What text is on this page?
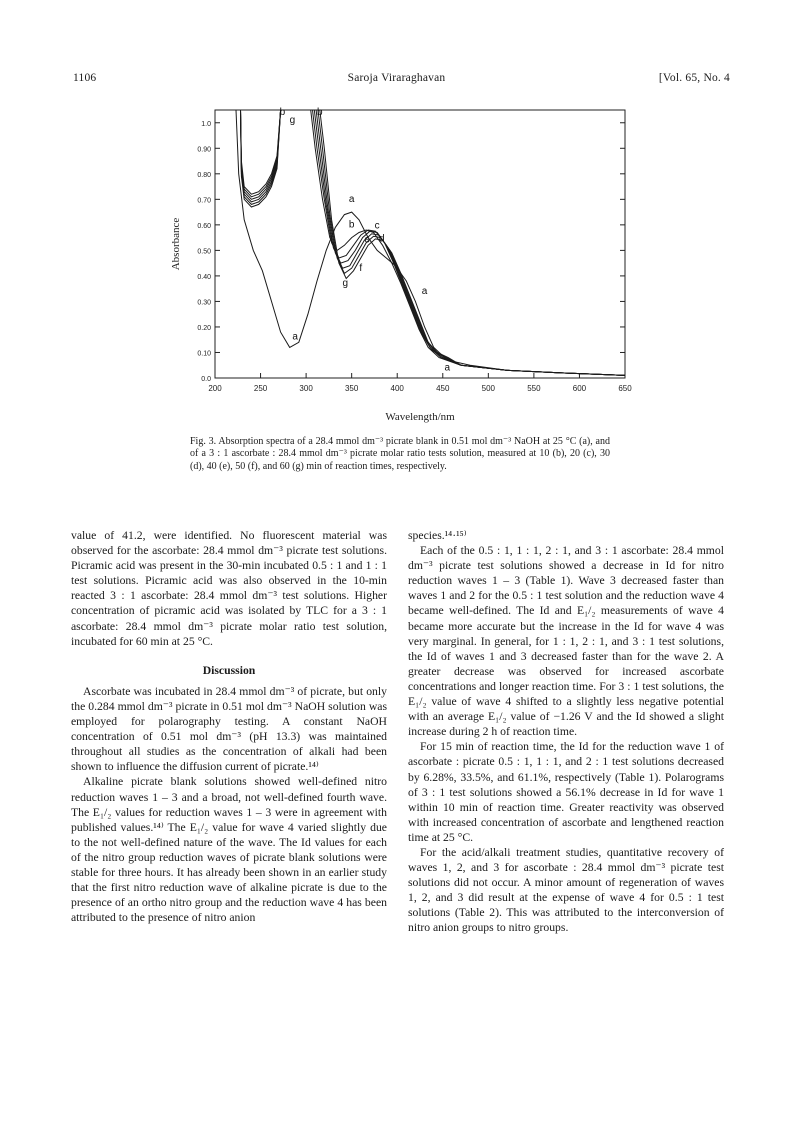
1106	Saroja Viraraghavan	[Vol. 65, No. 4
200	250	300	350	400	450	500	550	600	650
0.0
0.10
0.20
0.30
0.40
0.50
0.60
0.70
0.80
0.90
1.0
Wavelength/nm
Absorbance
b
g
b
a
b c
e d
f
g
a
a
a
Fig. 3. Absorption spectra of a 28.4 mmol dm⁻³ picrate blank in 0.51 mol dm⁻³ NaOH at 25 °C (a), and of a 3 : 1 ascorbate : 28.4 mmol dm⁻³ picrate molar ratio tests solution, measured at 10 (b), 20 (c), 30 (d), 40 (e), 50 (f), and 60 (g) min of reaction times, respectively.

value of 41.2, were identified. No fluorescent material was observed for the ascorbate: 28.4 mmol dm⁻³ picrate test solutions. Picramic acid was present in the 30-min incubated 0.5 : 1 and 1 : 1 test solutions. Picramic acid was also observed in the 10-min reacted 3 : 1 ascorbate: 28.4 mmol dm⁻³ test solutions. Higher concentration of picramic acid was isolated by TLC for a 3 : 1 ascorbate: 28.4 mmol dm⁻³ picrate molar ratio test solution, incubated for 60 min at 25 °C.

Discussion

Ascorbate was incubated in 28.4 mmol dm⁻³ of picrate, but only the 0.284 mmol dm⁻³ picrate in 0.51 mol dm⁻³ NaOH solution was employed for polarography testing. A constant NaOH concentration of 0.51 mol dm⁻³ (pH 13.3) was maintained throughout all studies as the concentration of alkali had been shown to influence the diffusion current of picrate.¹⁴⁾

Alkaline picrate blank solutions showed well-defined nitro reduction waves 1 – 3 and a broad, not well-defined fourth wave. The E₁/₂ values for reduction waves 1 – 3 were in agreement with published values.¹⁴⁾ The E₁/₂ value for wave 4 varied slightly due to the not well-defined nature of the wave. The Id values for each of the nitro group reduction waves of picrate blank solutions were stable for three hours. It has already been shown in an earlier study that the first nitro reduction wave of alkaline picrate is due to the presence of an ortho nitro group and the reduction wave 4 has been attributed to the presence of nitro anion

species.¹⁴·¹⁵⁾

Each of the 0.5 : 1, 1 : 1, 2 : 1, and 3 : 1 ascorbate: 28.4 mmol dm⁻³ picrate test solutions showed a decrease in Id for nitro reduction waves 1 – 3 (Table 1). Wave 3 decreased faster than waves 1 and 2 for the 0.5 : 1 test solution and the reduction wave 4 became well-defined. The Id and E₁/₂ measurements of wave 4 became more accurate but the increase in the Id for wave 4 was very marginal. In general, for 1 : 1, 2 : 1, and 3 : 1 test solutions, the Id of waves 1 and 3 decreased faster than for the wave 2. A greater decrease was observed for increased ascorbate concentrations and longer reaction time. For 3 : 1 test solutions, the E₁/₂ value of wave 4 shifted to a slightly less negative potential with an average E₁/₂ value of −1.26 V and the Id showed a slight increase during 2 h of reaction time.

For 15 min of reaction time, the Id for the reduction wave 1 of ascorbate : picrate 0.5 : 1, 1 : 1, and 2 : 1 test solutions decreased by 6.28%, 33.5%, and 61.1%, respectively (Table 1). Polarograms of 3 : 1 test solutions showed a 56.1% decrease in Id for wave 1 within 10 min of reaction time. Greater reactivity was observed with increased concentration of ascorbate and lengthened reaction time at 25 °C.

For the acid/alkali treatment studies, quantitative recovery of waves 1, 2, and 3 for ascorbate : 28.4 mmol dm⁻³ picrate test solutions did not occur. A minor amount of regeneration of waves 1, 2, and 3 did result at the expense of wave 4 for 0.5 : 1 test solutions (Table 2). This was attributed to the interconversion of nitro anion groups to nitro groups.
